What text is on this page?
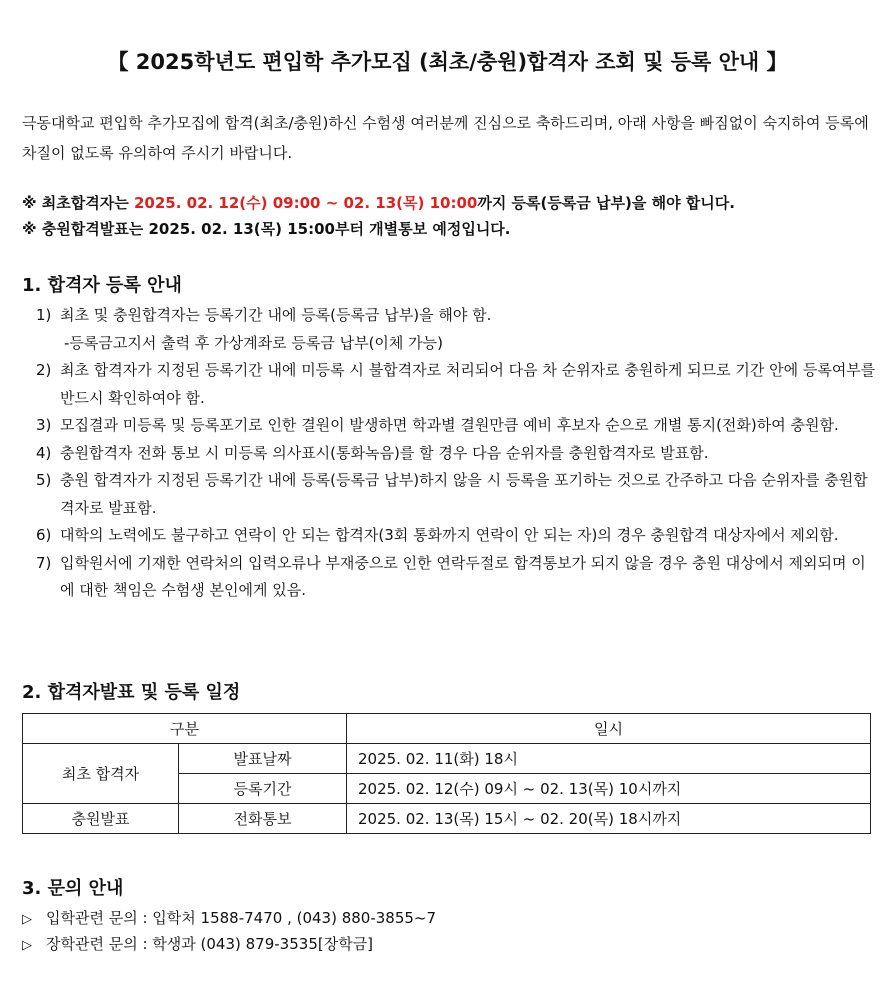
【 2025학년도 편입학 추가모집 (최초/충원)합격자 조회 및 등록 안내 】
극동대학교 편입학 추가모집에 합격(최초/충원)하신 수험생 여러분께 진심으로 축하드리며, 아래 사항을 빠짐없이 숙지하여 등록에 차질이 없도록 유의하여 주시기 바랍니다.
※ 최초합격자는 2025. 02. 12(수) 09:00 ~ 02. 13(목) 10:00까지 등록(등록금 납부)을 해야 합니다.
※ 충원합격발표는 2025. 02. 13(목) 15:00부터 개별통보 예정입니다.
1. 합격자 등록 안내
1) 최초 및 충원합격자는 등록기간 내에 등록(등록금 납부)을 해야 함.
-등록금고지서 출력 후 가상계좌로 등록금 납부(이체 가능)
2) 최초 합격자가 지정된 등록기간 내에 미등록 시 불합격자로 처리되어 다음 차 순위자로 충원하게 되므로 기간 안에 등록여부를 반드시 확인하여야 함.
3) 모집결과 미등록 및 등록포기로 인한 결원이 발생하면 학과별 결원만큼 예비 후보자 순으로 개별 통지(전화)하여 충원함.
4) 충원합격자 전화 통보 시 미등록 의사표시(통화녹음)를 할 경우 다음 순위자를 충원합격자로 발표함.
5) 충원 합격자가 지정된 등록기간 내에 등록(등록금 납부)하지 않을 시 등록을 포기하는 것으로 간주하고 다음 순위자를 충원합격자로 발표함.
6) 대학의 노력에도 불구하고 연락이 안 되는 합격자(3회 통화까지 연락이 안 되는 자)의 경우 충원합격 대상자에서 제외함.
7) 입학원서에 기재한 연락처의 입력오류나 부재중으로 인한 연락두절로 합격통보가 되지 않을 경우 충원 대상에서 제외되며 이에 대한 책임은 수험생 본인에게 있음.
2. 합격자발표 및 등록 일정
구분		일시
최초 합격자	발표날짜	2025. 02. 11(화) 18시
	등록기간	2025. 02. 12(수) 09시 ~ 02. 13(목) 10시까지
충원발표	전화통보	2025. 02. 13(목) 15시 ~ 02. 20(목) 18시까지
3. 문의 안내
▷ 입학관련 문의 : 입학처 1588-7470 , (043) 880-3855~7
▷ 장학관련 문의 : 학생과 (043) 879-3535[장학금]
